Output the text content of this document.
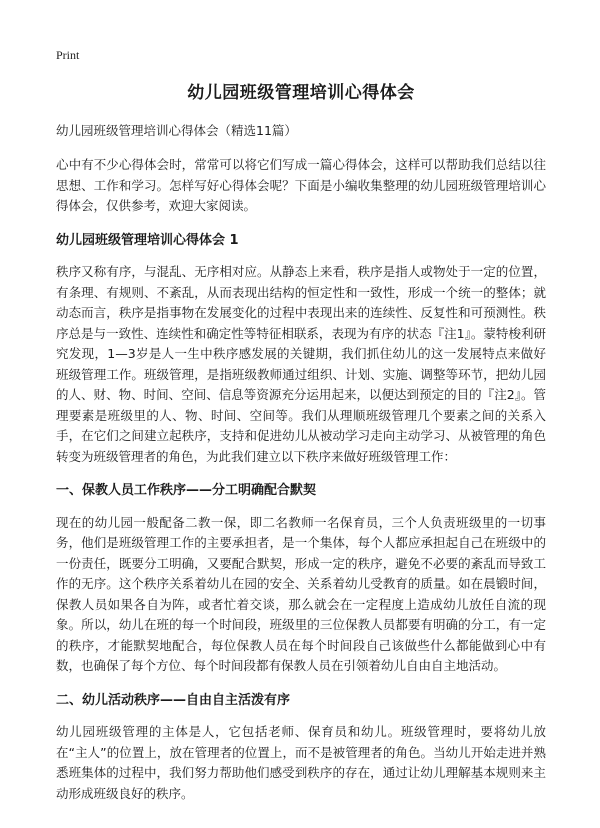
Print
幼儿园班级管理培训心得体会

幼儿园班级管理培训心得体会（精选11篇）

心中有不少心得体会时，常常可以将它们写成一篇心得体会，这样可以帮助我们总结以往思想、工作和学习。怎样写好心得体会呢？下面是小编收集整理的幼儿园班级管理培训心得体会，仅供参考，欢迎大家阅读。

幼儿园班级管理培训心得体会 1

秩序又称有序，与混乱、无序相对应。从静态上来看，秩序是指人或物处于一定的位置，有条理、有规则、不紊乱，从而表现出结构的恒定性和一致性，形成一个统一的整体；就动态而言，秩序是指事物在发展变化的过程中表现出来的连续性、反复性和可预测性。秩序总是与一致性、连续性和确定性等特征相联系，表现为有序的状态『注1』。蒙特梭利研究发现，1—3岁是人一生中秩序感发展的关键期，我们抓住幼儿的这一发展特点来做好班级管理工作。班级管理，是指班级教师通过组织、计划、实施、调整等环节，把幼儿园的人、财、物、时间、空间、信息等资源充分运用起来，以便达到预定的目的『注2』。管理要素是班级里的人、物、时间、空间等。我们从理顺班级管理几个要素之间的关系入手，在它们之间建立起秩序，支持和促进幼儿从被动学习走向主动学习、从被管理的角色转变为班级管理者的角色，为此我们建立以下秩序来做好班级管理工作：

一、保教人员工作秩序——分工明确配合默契

现在的幼儿园一般配备二教一保，即二名教师一名保育员，三个人负责班级里的一切事务，他们是班级管理工作的主要承担者，是一个集体，每个人都应承担起自己在班级中的一份责任，既要分工明确，又要配合默契，形成一定的秩序，避免不必要的紊乱而导致工作的无序。这个秩序关系着幼儿在园的安全、关系着幼儿受教育的质量。如在晨锻时间，保教人员如果各自为阵，或者忙着交谈，那么就会在一定程度上造成幼儿放任自流的现象。所以，幼儿在班的每一个时间段，班级里的三位保教人员都要有明确的分工，有一定的秩序，才能默契地配合，每位保教人员在每个时间段自己该做些什么都能做到心中有数，也确保了每个方位、每个时间段都有保教人员在引领着幼儿自由自主地活动。

二、幼儿活动秩序——自由自主活泼有序

幼儿园班级管理的主体是人，它包括老师、保育员和幼儿。班级管理时，要将幼儿放在“主人”的位置上，放在管理者的位置上，而不是被管理者的角色。当幼儿开始走进并熟悉班集体的过程中，我们努力帮助他们感受到秩序的存在，通过让幼儿理解基本规则来主动形成班级良好的秩序。
